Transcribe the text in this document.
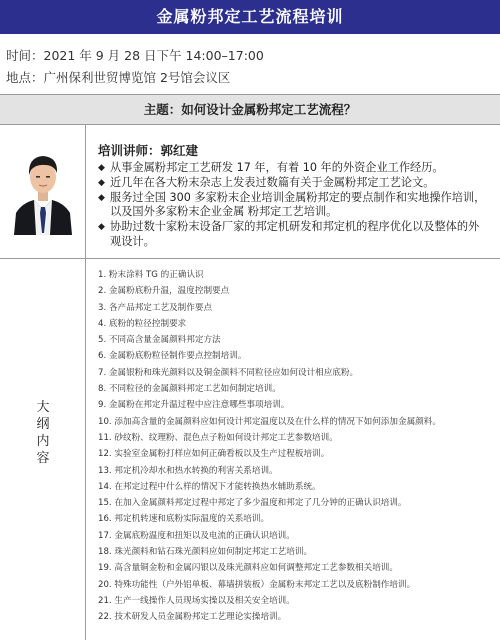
金属粉邦定工艺流程培训
时间：2021 年 9 月 28 日下午 14:00–17:00
地点：广州保利世贸博览馆 2号馆会议区
主题：如何设计金属粉邦定工艺流程？
培训讲师：郭红建
◆ 从事金属粉邦定工艺研发 17 年，有着 10 年的外资企业工作经历。
◆ 近几年在各大粉末杂志上发表过数篇有关于金属粉邦定工艺论文。
◆ 服务过全国 300 多家粉末企业培训金属粉邦定的要点制作和实地操作培训， 以及国外多家粉末企业金属 粉邦定工艺培训。
◆ 协助过数十家粉末设备厂家的邦定机研发和邦定机的程序优化以及整体的外观设计。
大
纲
内
容
1. 粉末涂料 TG 的正确认识
2. 金属粉底粉升温，温度控制要点
3. 各产品邦定工艺及制作要点
4. 底粉的粒径控制要求
5. 不同高含量金属颜料邦定方法
6. 金属粉底粉粒径制作要点控制培训。
7. 金属银粉和珠光颜料以及铜金颜料不同粒径应如何设计相应底粉。
8. 不同粒径的金属颜料邦定工艺如何制定培训。
9. 金属粉在邦定升温过程中应注意哪些事项培训。
10. 添加高含量的金属颜料应如何设计邦定温度以及在什么样的情况下如何添加金属颜料。
11. 砂纹粉、纹理粉、混色点子粉如何设计邦定工艺参数培训。
12. 实验室金属粉打样应如何正确看板以及生产过程板培训。
13. 邦定机冷却水和热水转换的利害关系培训。
14. 在邦定过程中什么样的情况下才能转换热水辅助系统。
15. 在加入金属颜料邦定过程中邦定了多少温度和邦定了几分钟的正确认识培训。
16. 邦定机转速和底粉实际温度的关系培训。
17. 金属底粉温度和扭矩以及电流的正确认识培训。
18. 珠光颜料和钻石珠光颜料应如何制定邦定工艺培训。
19. 高含量铜金粉和金属闪银以及珠光颜料应如何调整邦定工艺参数相关培训。
20. 特殊功能性（户外铝单板、幕墙拼装板）金属粉末邦定工艺以及底粉制作培训。
21. 生产一线操作人员现场实操以及相关安全培训。
22. 技术研发人员金属粉邦定工艺理论实操培训。
